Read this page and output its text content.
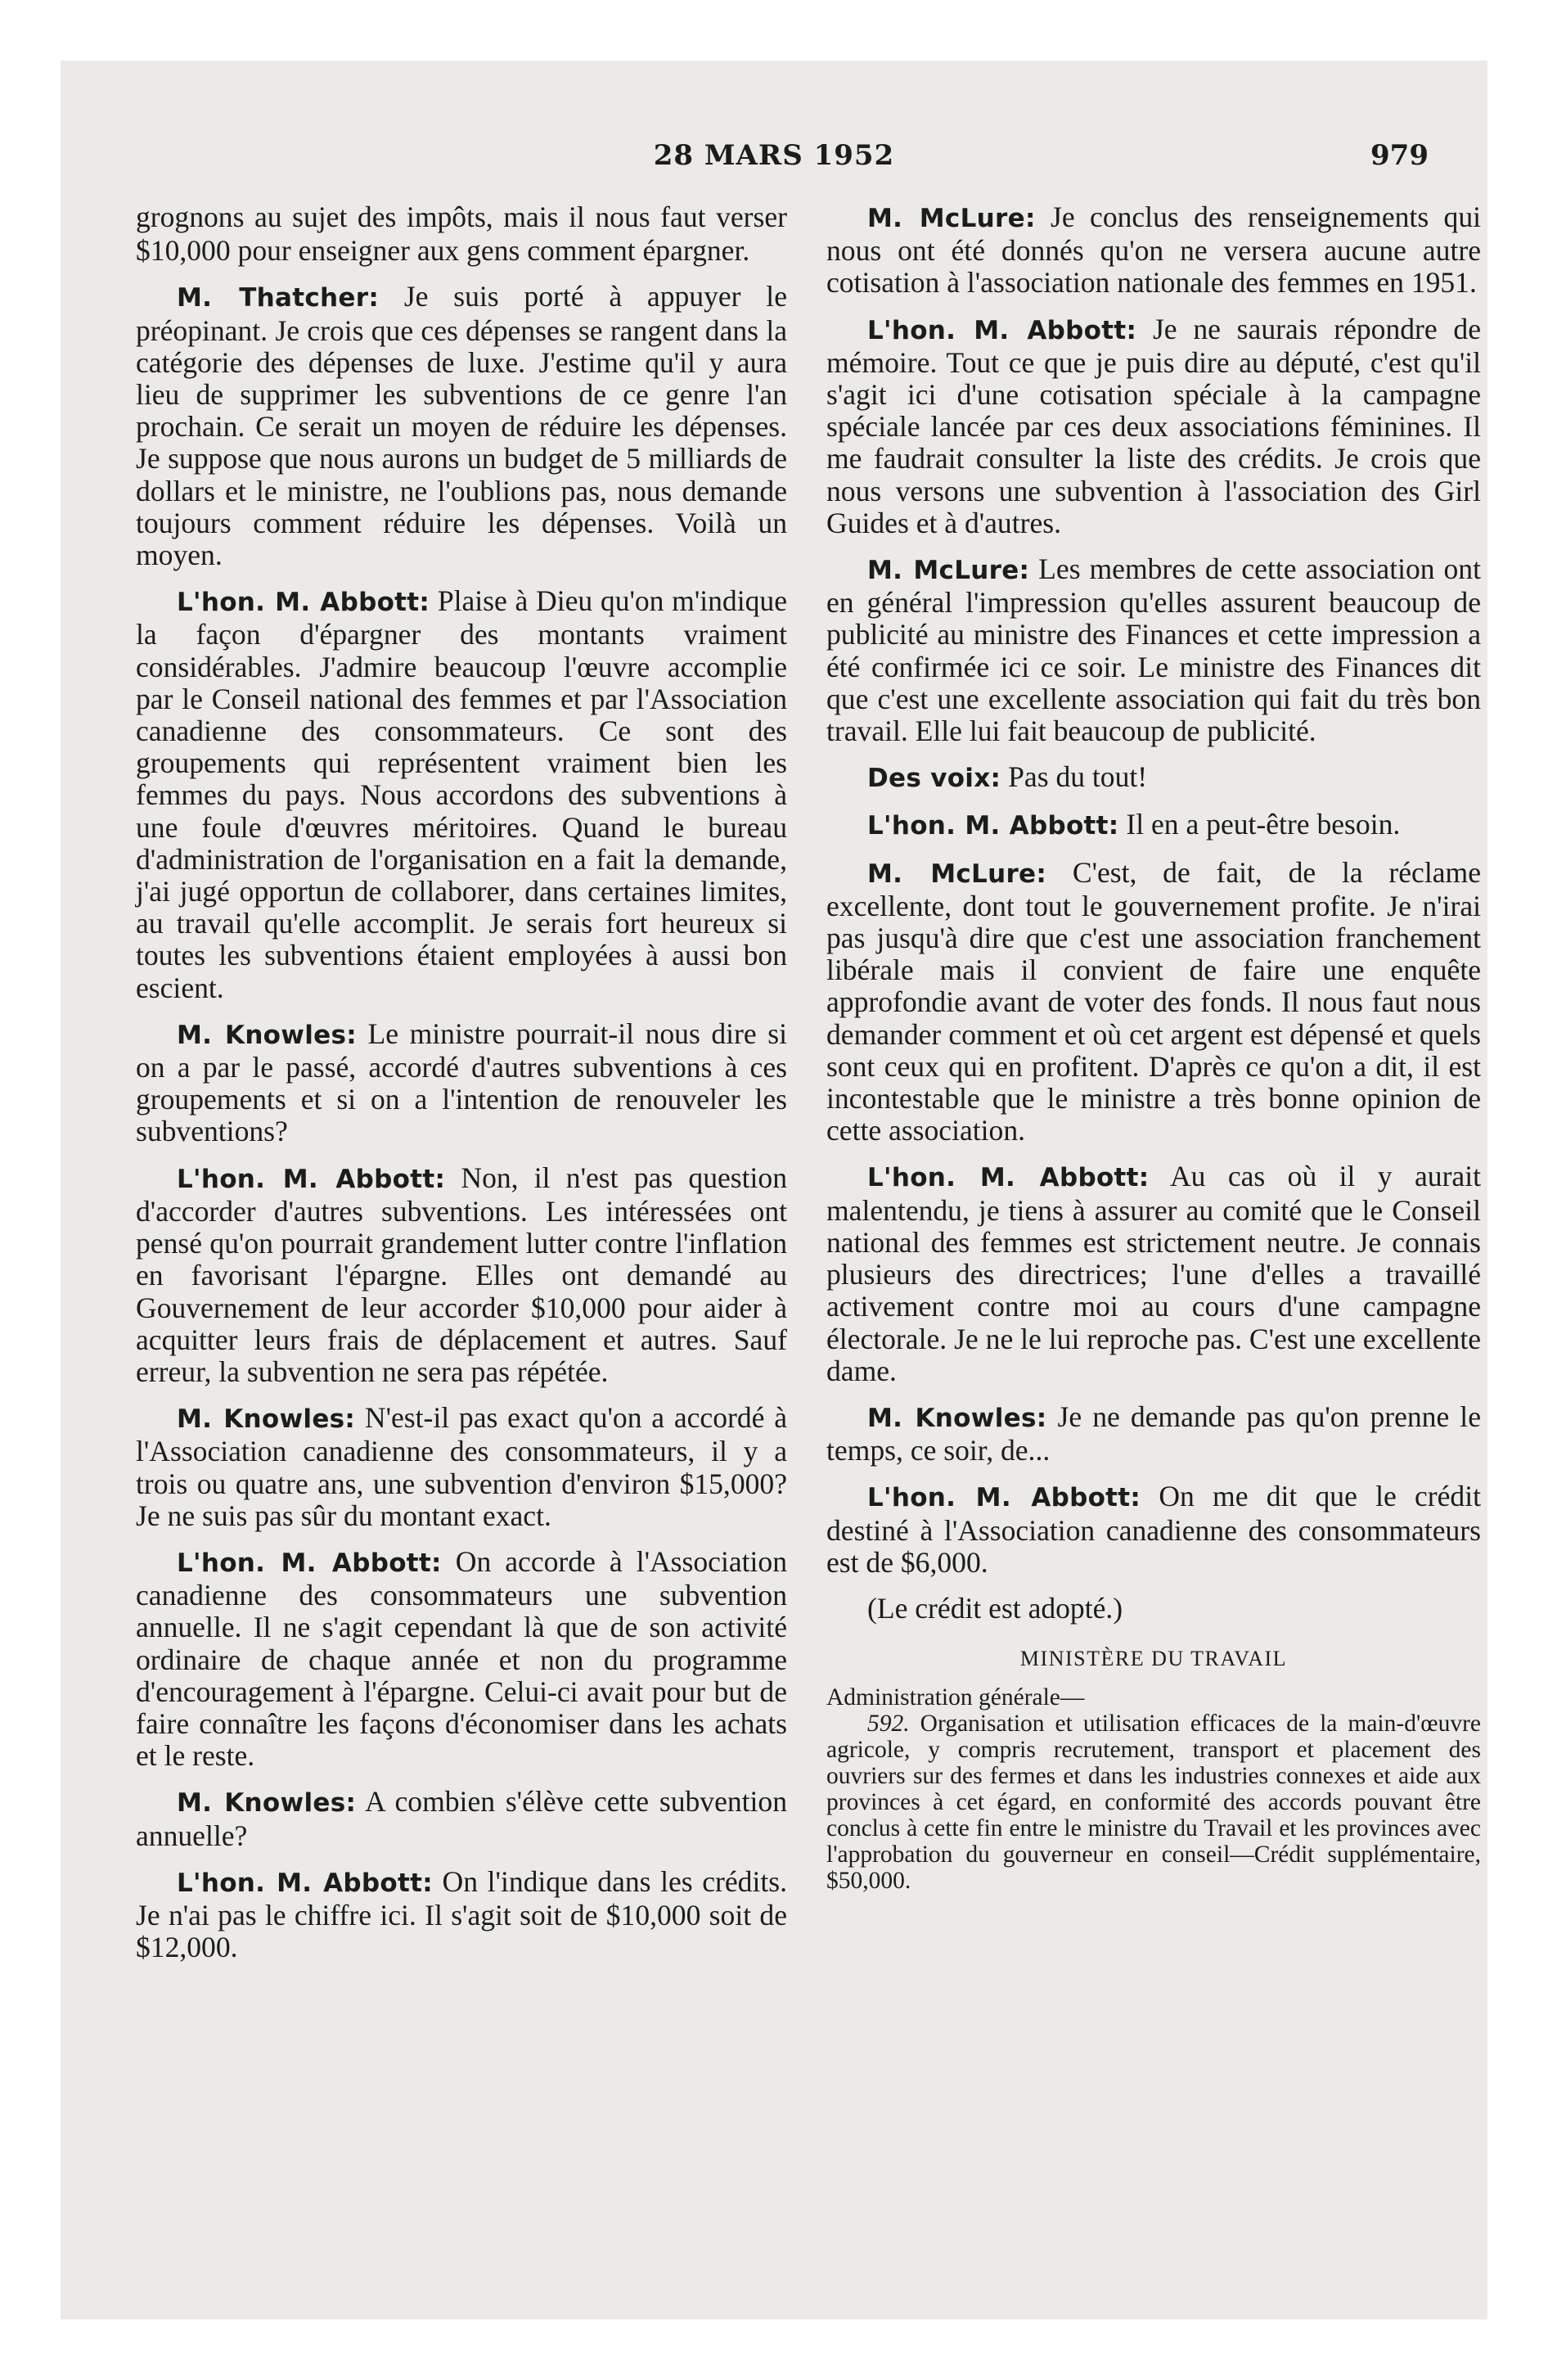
28 MARS 1952	979

grognons au sujet des impôts, mais il nous faut verser $10,000 pour enseigner aux gens comment épargner.

M. Thatcher: Je suis porté à appuyer le préopinant. Je crois que ces dépenses se rangent dans la catégorie des dépenses de luxe. J'estime qu'il y aura lieu de supprimer les subventions de ce genre l'an prochain. Ce serait un moyen de réduire les dépenses. Je suppose que nous aurons un budget de 5 milliards de dollars et le ministre, ne l'oublions pas, nous demande toujours comment réduire les dépenses. Voilà un moyen.

L'hon. M. Abbott: Plaise à Dieu qu'on m'indique la façon d'épargner des montants vraiment considérables. J'admire beaucoup l'œuvre accomplie par le Conseil national des femmes et par l'Association canadienne des consommateurs. Ce sont des groupements qui représentent vraiment bien les femmes du pays. Nous accordons des subventions à une foule d'œuvres méritoires. Quand le bureau d'administration de l'organisation en a fait la demande, j'ai jugé opportun de collaborer, dans certaines limites, au travail qu'elle accomplit. Je serais fort heureux si toutes les subventions étaient employées à aussi bon escient.

M. Knowles: Le ministre pourrait-il nous dire si on a par le passé, accordé d'autres subventions à ces groupements et si on a l'intention de renouveler les subventions?

L'hon. M. Abbott: Non, il n'est pas question d'accorder d'autres subventions. Les intéressées ont pensé qu'on pourrait grandement lutter contre l'inflation en favorisant l'épargne. Elles ont demandé au Gouvernement de leur accorder $10,000 pour aider à acquitter leurs frais de déplacement et autres. Sauf erreur, la subvention ne sera pas répétée.

M. Knowles: N'est-il pas exact qu'on a accordé à l'Association canadienne des consommateurs, il y a trois ou quatre ans, une subvention d'environ $15,000? Je ne suis pas sûr du montant exact.

L'hon. M. Abbott: On accorde à l'Association canadienne des consommateurs une subvention annuelle. Il ne s'agit cependant là que de son activité ordinaire de chaque année et non du programme d'encouragement à l'épargne. Celui-ci avait pour but de faire connaître les façons d'économiser dans les achats et le reste.

M. Knowles: A combien s'élève cette subvention annuelle?

L'hon. M. Abbott: On l'indique dans les crédits. Je n'ai pas le chiffre ici. Il s'agit soit de $10,000 soit de $12,000.

M. McLure: Je conclus des renseignements qui nous ont été donnés qu'on ne versera aucune autre cotisation à l'association nationale des femmes en 1951.

L'hon. M. Abbott: Je ne saurais répondre de mémoire. Tout ce que je puis dire au député, c'est qu'il s'agit ici d'une cotisation spéciale à la campagne spéciale lancée par ces deux associations féminines. Il me faudrait consulter la liste des crédits. Je crois que nous versons une subvention à l'association des Girl Guides et à d'autres.

M. McLure: Les membres de cette association ont en général l'impression qu'elles assurent beaucoup de publicité au ministre des Finances et cette impression a été confirmée ici ce soir. Le ministre des Finances dit que c'est une excellente association qui fait du très bon travail. Elle lui fait beaucoup de publicité.

Des voix: Pas du tout!

L'hon. M. Abbott: Il en a peut-être besoin.

M. McLure: C'est, de fait, de la réclame excellente, dont tout le gouvernement profite. Je n'irai pas jusqu'à dire que c'est une association franchement libérale mais il convient de faire une enquête approfondie avant de voter des fonds. Il nous faut nous demander comment et où cet argent est dépensé et quels sont ceux qui en profitent. D'après ce qu'on a dit, il est incontestable que le ministre a très bonne opinion de cette association.

L'hon. M. Abbott: Au cas où il y aurait malentendu, je tiens à assurer au comité que le Conseil national des femmes est strictement neutre. Je connais plusieurs des directrices; l'une d'elles a travaillé activement contre moi au cours d'une campagne électorale. Je ne le lui reproche pas. C'est une excellente dame.

M. Knowles: Je ne demande pas qu'on prenne le temps, ce soir, de...

L'hon. M. Abbott: On me dit que le crédit destiné à l'Association canadienne des consommateurs est de $6,000.

(Le crédit est adopté.)

MINISTÈRE DU TRAVAIL

Administration générale—

592. Organisation et utilisation efficaces de la main-d'œuvre agricole, y compris recrutement, transport et placement des ouvriers sur des fermes et dans les industries connexes et aide aux provinces à cet égard, en conformité des accords pouvant être conclus à cette fin entre le ministre du Travail et les provinces avec l'approbation du gouverneur en conseil—Crédit supplémentaire, $50,000.
